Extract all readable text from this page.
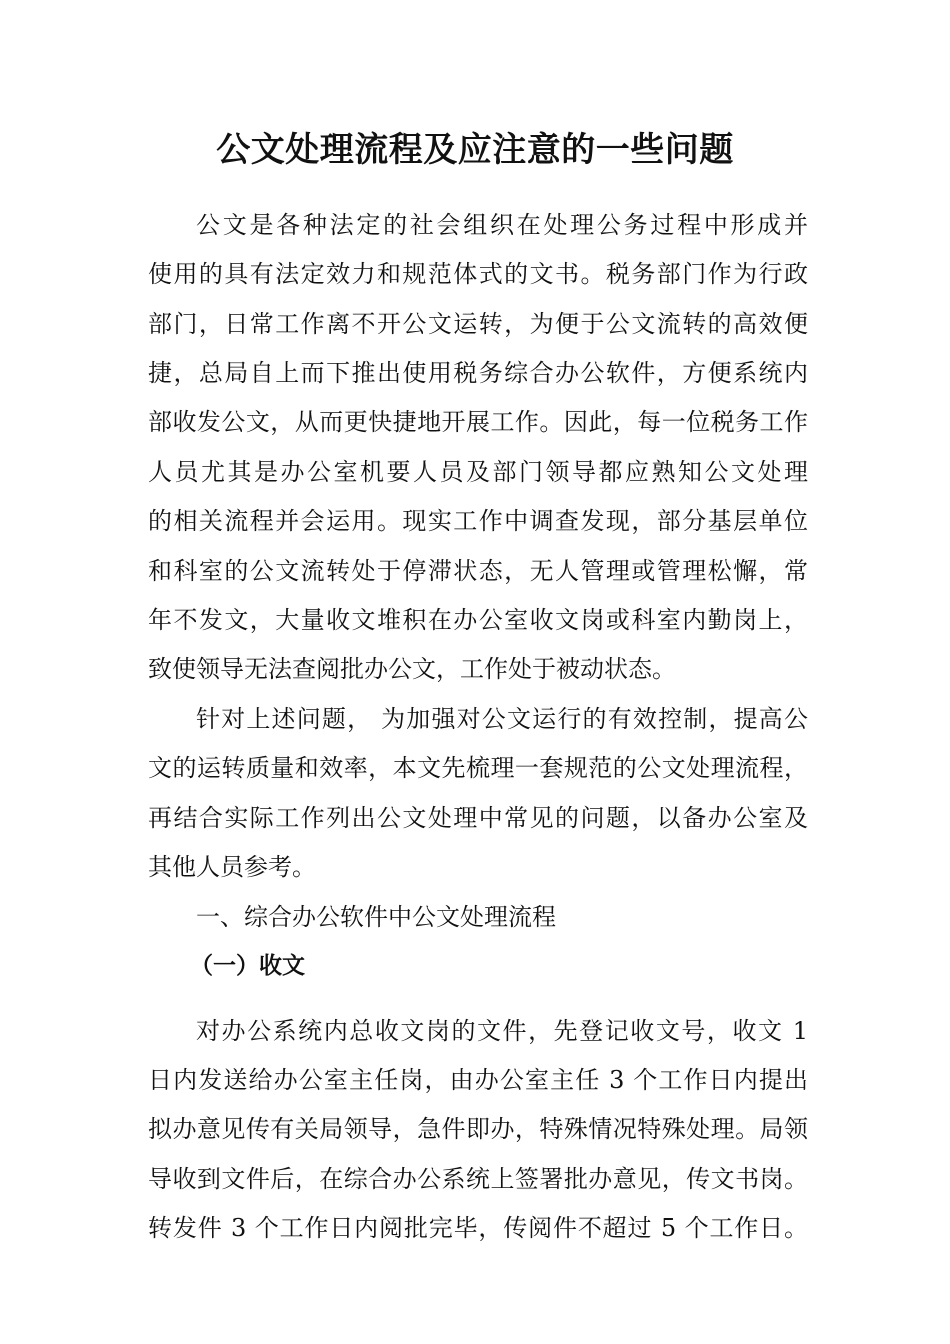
公文处理流程及应注意的一些问题

公文是各种法定的社会组织在处理公务过程中形成并

使用的具有法定效力和规范体式的文书。税务部门作为行政

部门，日常工作离不开公文运转，为便于公文流转的高效便

捷，总局自上而下推出使用税务综合办公软件，方便系统内

部收发公文，从而更快捷地开展工作。因此，每一位税务工作

人员尤其是办公室机要人员及部门领导都应熟知公文处理

的相关流程并会运用。现实工作中调查发现，部分基层单位

和科室的公文流转处于停滞状态，无人管理或管理松懈，常

年不发文，大量收文堆积在办公室收文岗或科室内勤岗上，

致使领导无法查阅批办公文，工作处于被动状态。

针对上述问题， 为加强对公文运行的有效控制，提高公

文的运转质量和效率，本文先梳理一套规范的公文处理流程，

再结合实际工作列出公文处理中常见的问题，以备办公室及

其他人员参考。

一、综合办公软件中公文处理流程

（一）收文

对办公系统内总收文岗的文件，先登记收文号，收文 1

日内发送给办公室主任岗，由办公室主任 3 个工作日内提出

拟办意见传有关局领导，急件即办，特殊情况特殊处理。局领

导收到文件后，在综合办公系统上签署批办意见，传文书岗。

转发件 3 个工作日内阅批完毕，传阅件不超过 5 个工作日。
